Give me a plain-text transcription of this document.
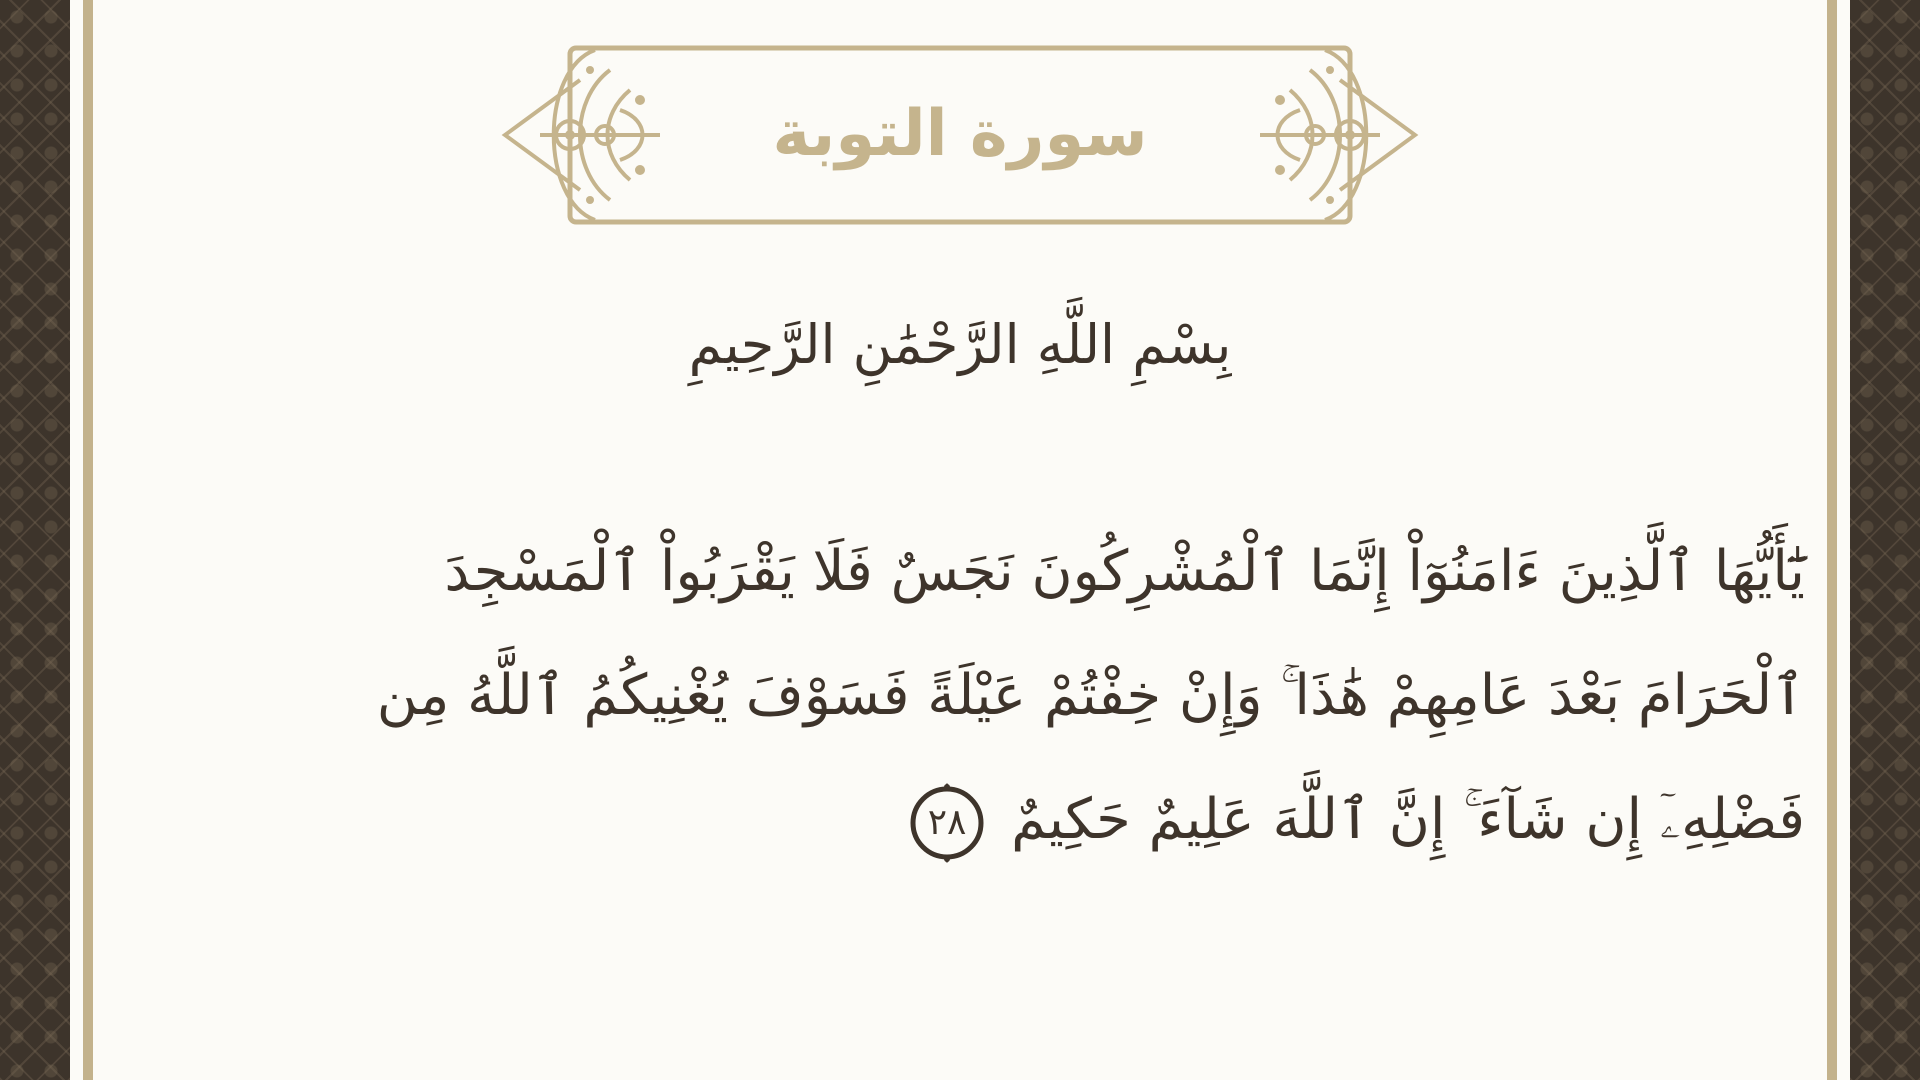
سورة التوبة
بِسْمِ اللَّهِ الرَّحْمَٰنِ الرَّحِيمِ
يَٰٓأَيُّهَا ٱلَّذِينَ ءَامَنُوٓاْ إِنَّمَا ٱلْمُشْرِكُونَ نَجَسٌ فَلَا يَقْرَبُواْ ٱلْمَسْجِدَ
ٱلْحَرَامَ بَعْدَ عَامِهِمْ هَٰذَا ۚ وَإِنْ خِفْتُمْ عَيْلَةً فَسَوْفَ يُغْنِيكُمُ ٱللَّهُ مِن
فَضْلِهِۦٓ إِن شَآءَ ۚ إِنَّ ٱللَّهَ عَلِيمٌ حَكِيمٌ
٢٨
